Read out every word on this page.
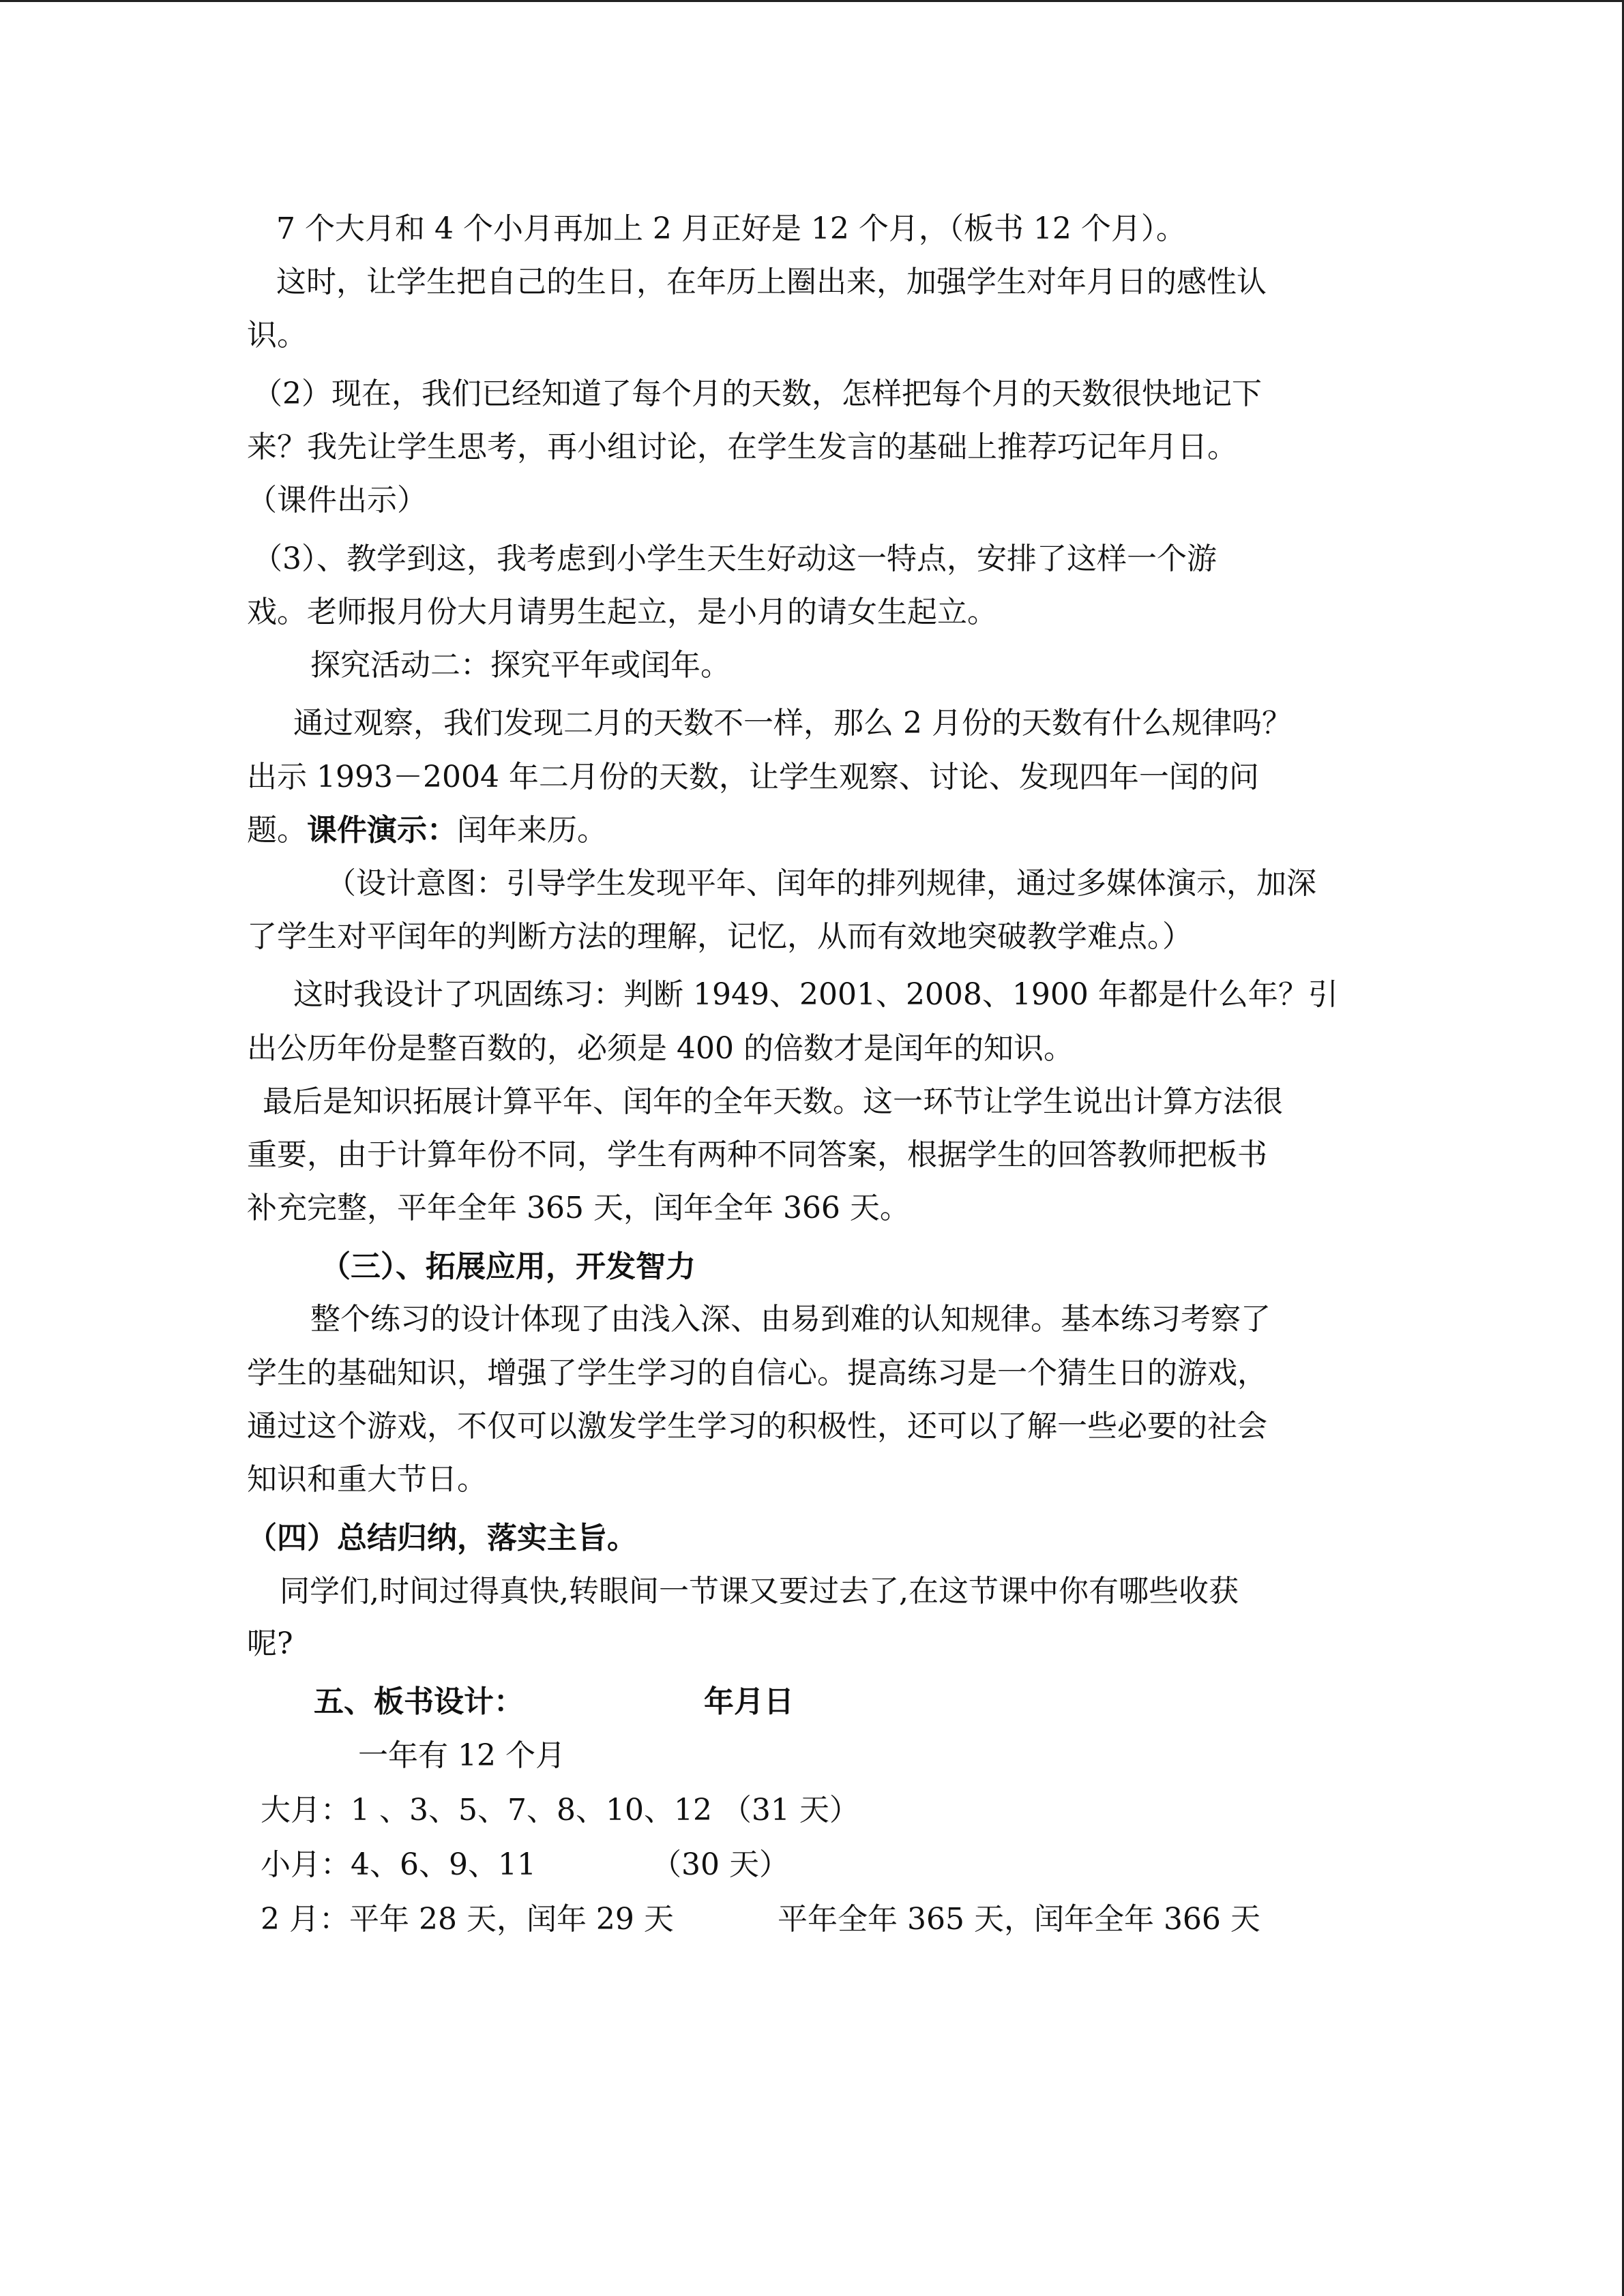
7 个大月和 4 个小月再加上 2 月正好是 12 个月，（板书 12 个月）。
这时，让学生把自己的生日，在年历上圈出来，加强学生对年月日的感性认
识。
（2）现在，我们已经知道了每个月的天数，怎样把每个月的天数很快地记下
来？我先让学生思考，再小组讨论，在学生发言的基础上推荐巧记年月日。
（课件出示）
（3）、教学到这，我考虑到小学生天生好动这一特点，安排了这样一个游
戏。老师报月份大月请男生起立，是小月的请女生起立。
探究活动二：探究平年或闰年。
通过观察，我们发现二月的天数不一样，那么 2 月份的天数有什么规律吗？
出示 1993－2004 年二月份的天数，让学生观察、讨论、发现四年一闰的问
题。课件演示：闰年来历。
（设计意图：引导学生发现平年、闰年的排列规律，通过多媒体演示，加深
了学生对平闰年的判断方法的理解，记忆，从而有效地突破教学难点。）
这时我设计了巩固练习：判断 1949、2001、2008、1900 年都是什么年？引
出公历年份是整百数的，必须是 400 的倍数才是闰年的知识。
最后是知识拓展计算平年、闰年的全年天数。这一环节让学生说出计算方法很
重要，由于计算年份不同，学生有两种不同答案，根据学生的回答教师把板书
补充完整，平年全年 365 天，闰年全年 366 天。
（三）、拓展应用，开发智力
整个练习的设计体现了由浅入深、由易到难的认知规律。基本练习考察了
学生的基础知识，增强了学生学习的自信心。提高练习是一个猜生日的游戏，
通过这个游戏，不仅可以激发学生学习的积极性，还可以了解一些必要的社会
知识和重大节日。
（四）总结归纳，落实主旨。
同学们,时间过得真快,转眼间一节课又要过去了,在这节课中你有哪些收获
呢?
五、板书设计：	年月日
一年有 12 个月
大月：1 、3、5、7、8、10、12 （31 天）
小月：4、6、9、11	（30 天）
2 月：平年 28 天，闰年 29 天	平年全年 365 天，闰年全年 366 天
